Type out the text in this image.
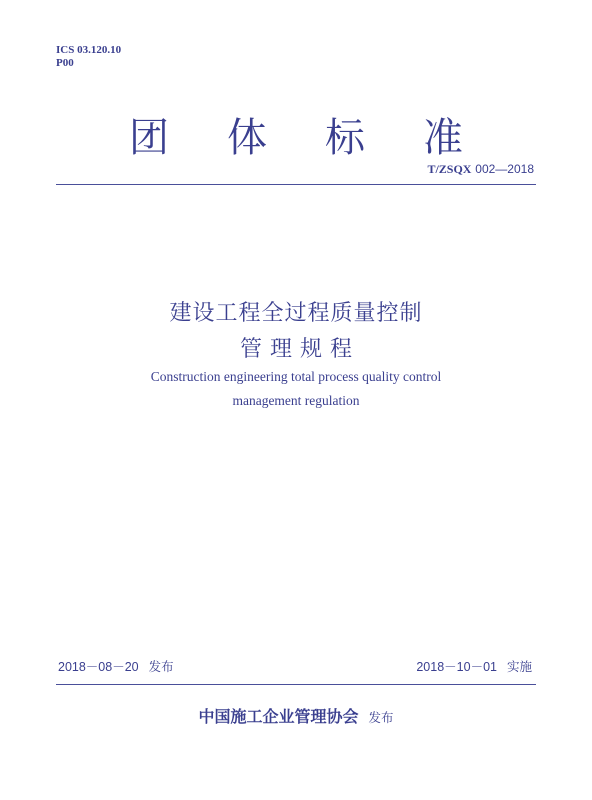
ICS 03.120.10
P00
团体标准
T/ZSQX 002—2018
建设工程全过程质量控制
管理规程
Construction engineering total process quality control
management regulation
2018－08－20 发布	2018－10－01 实施
中国施工企业管理协会 发布
